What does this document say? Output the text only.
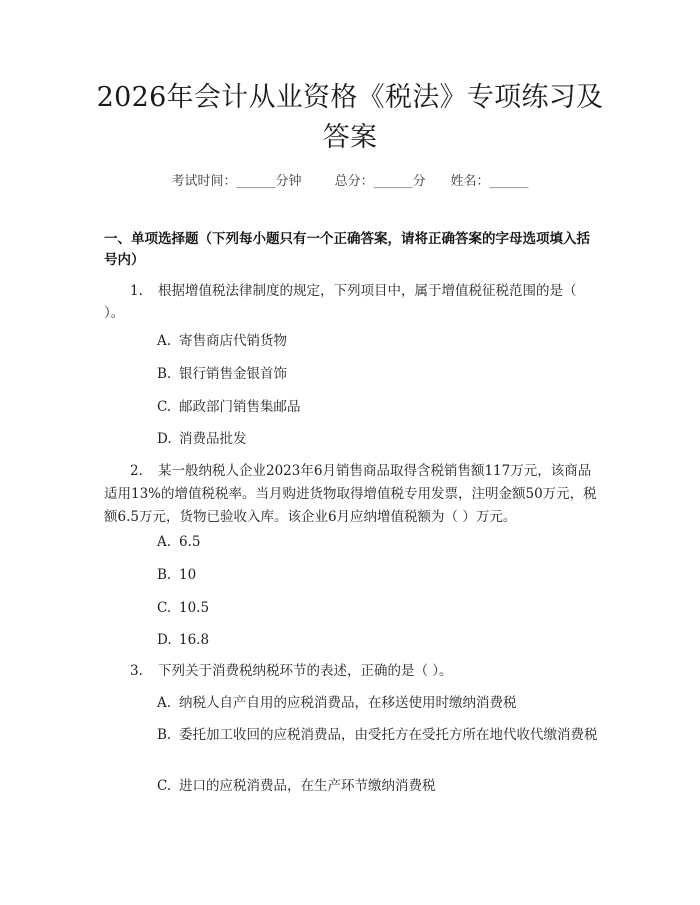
2026年会计从业资格《税法》专项练习及答案
考试时间：______分钟	总分：______分 姓名：______
一、单项选择题（下列每小题只有一个正确答案，请将正确答案的字母选项填入括号内）
1. 根据增值税法律制度的规定，下列项目中，属于增值税征税范围的是（ ）。
A. 寄售商店代销货物
B. 银行销售金银首饰
C. 邮政部门销售集邮品
D. 消费品批发
2. 某一般纳税人企业2023年6月销售商品取得含税销售额117万元，该商品适用13%的增值税税率。当月购进货物取得增值税专用发票，注明金额50万元，税额6.5万元，货物已验收入库。该企业6月应纳增值税额为（ ）万元。
A. 6.5
B. 10
C. 10.5
D. 16.8
3. 下列关于消费税纳税环节的表述，正确的是（ ）。
A. 纳税人自产自用的应税消费品，在移送使用时缴纳消费税
B. 委托加工收回的应税消费品，由受托方在受托方所在地代收代缴消费税
C. 进口的应税消费品，在生产环节缴纳消费税
